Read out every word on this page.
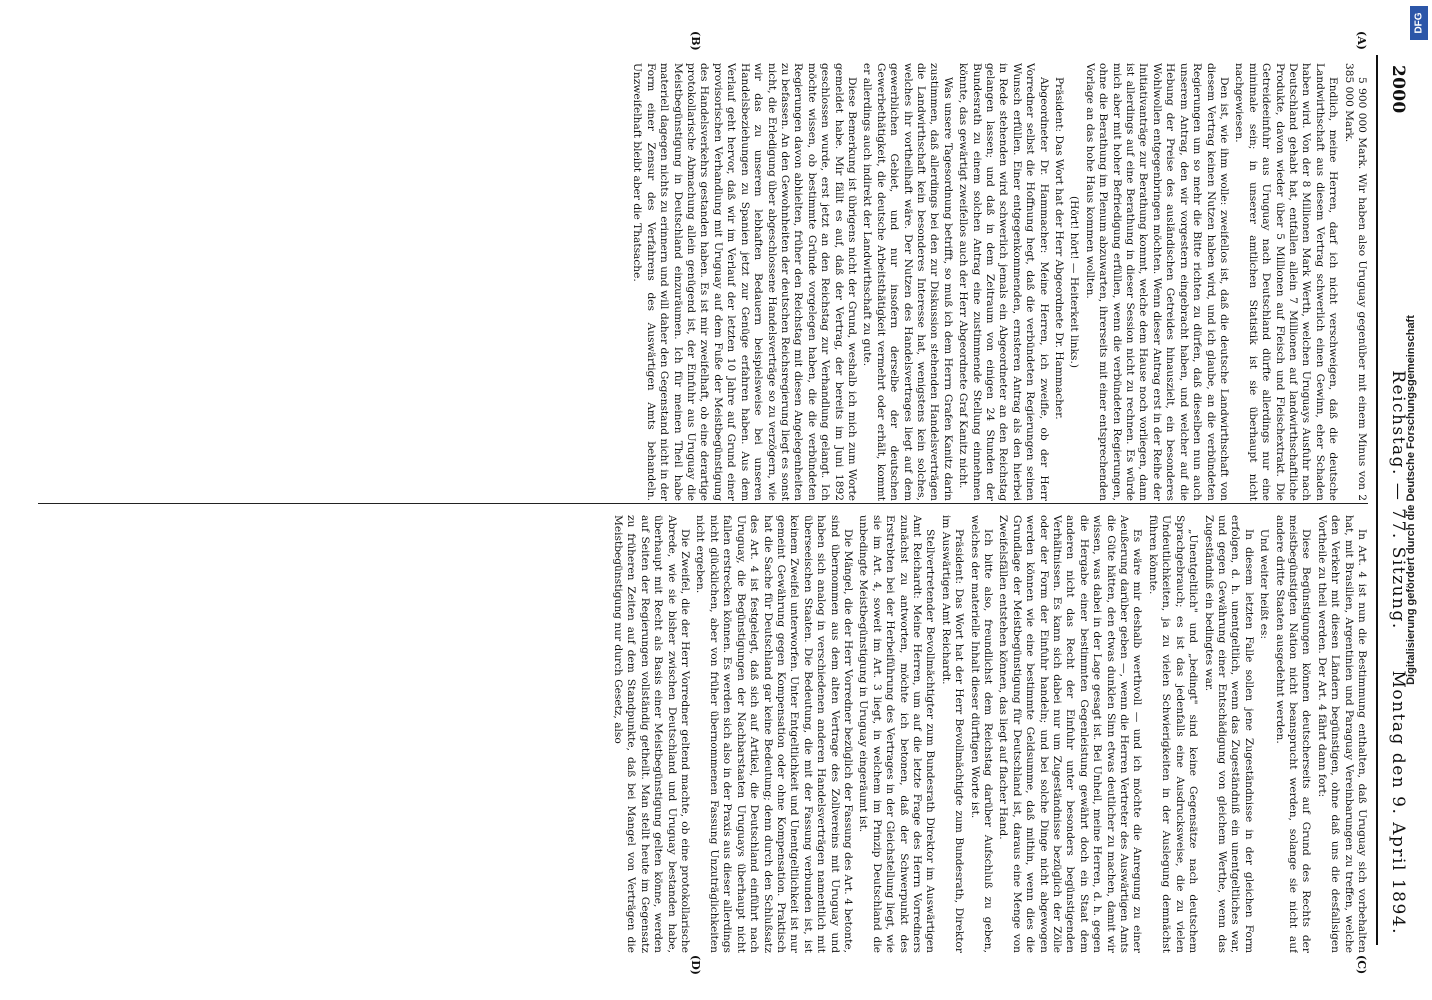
2000
Reichstag. — 77. Sitzung.
Montag den 9. April 1894.
(A)
(B)
(C)
(D)

5 900 000 Mark. Wir haben also Uruguay gegenüber mit einem Minus von 2 385 000 Mark.

Endlich, meine Herren, darf ich nicht verschweigen, daß die deutsche Landwirthschaft aus diesem Vertrag schwerlich einen Gewinn, eher Schaden haben wird. Von der 8 Millionen Mark Werth, welchen Uruguays Ausfuhr nach Deutschland gehabt hat, entfallen allein 7 Millionen auf landwirthschaftliche Produkte, davon wieder über 5 Millionen auf Fleisch und Fleischextrakt. Die Getreideeinfuhr aus Uruguay nach Deutschland dürfte allerdings nur eine minimale sein; in unserer amtlichen Statistik ist sie überhaupt nicht nachgewiesen.

Den ist, wie ihm wolle: zweifellos ist, daß die deutsche Landwirthschaft von diesem Vertrag keinen Nutzen haben wird, und ich glaube, an die verbündeten Regierungen um so mehr die Bitte richten zu dürfen, daß dieselben nun auch unserem Antrag, den wir vorgestern eingebracht haben, und welcher auf die Hebung der Preise des ausländischen Getreides hinauszielt, ein besonderes Wohlwollen entgegenbringen möchten. Wenn dieser Antrag erst in der Reihe der Initiativanträge zur Berathung kommt, welche dem Hause noch vorliegen, dann ist allerdings auf eine Berathung in dieser Session nicht zu rechnen. Es würde mich aber mit hoher Befriedigung erfüllen, wenn die verbündeten Regierungen, ohne die Berathung im Plenum abzuwarten, ihrerseits mit einer entsprechenden Vorlage an das hohe Haus kommen wollten.

(Hört! hört! — Heiterkeit links.)

Präsident: Das Wort hat der Herr Abgeordnete Dr. Hammacher.

Abgeordneter Dr. Hammacher: Meine Herren, ich zweifle, ob der Herr Vorredner selbst die Hoffnung hegt, daß die verbündeten Regierungen seinen Wunsch erfüllen. Einer entgegenkommenden, ernsteren Antrag als den hierbei in Rede stehenden wird schwerlich jemals ein Abgeordneter an den Reichstag gelangen lassen; und daß in dem Zeitraum von einigen 24 Stunden der Bundesrath zu einem solchen Antrag eine zustimmende Stellung einnehmen könnte, das gewärtigt zweifellos auch der Herr Abgeordnete Graf Kanitz nicht.

Was unsere Tagesordnung betrifft, so muß ich dem Herrn Grafen Kanitz darin zustimmen, daß allerdings bei den zur Diskussion stehenden Handelsverträgen die Landwirthschaft kein besonderes Interesse hat, wenigstens kein solches, welches ihr vortheilhaft wäre. Der Nutzen des Handelsvertrages liegt auf dem gewerblichen Gebiet, und nur insofern derselbe der deutschen Gewerbethätigkeit, die deutsche Arbeitsthätigkeit vermehrt oder erhält, kommt er allerdings auch indirekt der Landwirthschaft zu gute.

Diese Bemerkung ist übrigens nicht der Grund, weshalb ich mich zum Worte gemeldet habe. Mir fällt es auf, daß der Vertrag, der bereits im Juni 1892 geschlossen wurde, erst jetzt an den Reichstag zur Verhandlung gelangt. Ich möchte wissen, ob bestimmte Gründe vorgelegen haben, die die verbündeten Regierungen davon abhielten, früher den Reichstag mit diesen Angelegenheiten zu befassen. An den Gewohnheiten der deutschen Reichsregierung liegt es sonst nicht, die Erledigung über abgeschlossene Handelsverträge so zu verzögern, wie wir das zu unserem lebhaften Bedauern beispielsweise bei unseren Handelsbeziehungen zu Spanien jetzt zur Genüge erfahren haben. Aus dem Verlauf geht hervor, daß wir im Verlauf der letzten 10 Jahre auf Grund einer provisorischen Verhandlung mit Uruguay auf dem Fuße der Meistbegünstigung des Handelsverkehrs gestanden haben. Es ist mir zweifelhaft, ob eine derartige protokollarische Abmachung allein genügend ist, der Einfuhr aus Uruguay die Meistbegünstigung in Deutschland einzuräumen. Ich für meinen Theil habe materiell dagegen nichts zu erinnern und will daher den Gegenstand nicht in der Form einer Zensur des Verfahrens des Auswärtigen Amts behandeln. Unzweifelhaft bleibt aber die Thatsache.

In Art. 4 ist nun die Bestimmung enthalten, daß Uruguay sich vorbehalten hat, mit Brasilien, Argentinien und Paraguay Vereinbarungen zu treffen, welche den Verkehr mit diesen Ländern begünstigen, ohne daß uns die desfallsigen Vortheile zu theil werden. Der Art. 4 fährt dann fort:

Diese Begünstigungen können deutscherseits auf Grund des Rechts der meistbegünstigten Nation nicht beansprucht werden, solange sie nicht auf andere dritte Staaten ausgedehnt werden.

Und weiter heißt es:

In diesem letzten Falle sollen jene Zugeständnisse in der gleichen Form erfolgen, d. h. unentgeltlich, wenn das Zugeständniß ein unentgeltliches war, und gegen Gewährung einer Entschädigung von gleichem Werthe, wenn das Zugeständniß ein bedingtes war.

„Unentgeltlich" und „bedingt" sind keine Gegensätze nach deutschem Sprachgebrauch; es ist das jedenfalls eine Ausdrucksweise, die zu vielen Undeutlichkeiten, ja zu vielen Schwierigkeiten in der Auslegung demnächst führen könnte.

Es wäre mir deshalb werthvoll — und ich möchte die Anregung zu einer Aeußerung darüber geben —, wenn die Herren Vertreter des Auswärtigen Amts die Güte hätten, den etwas dunklen Sinn etwas deutlicher zu machen, damit wir wissen, was dabei in der Lage gesagt ist. Bei Unheil, meine Herren, d. h. gegen die Hergabe einer bestimmten Gegenleistung gewährt doch ein Staat dem anderen nicht das Recht der Einfuhr unter besonders begünstigenden Verhältnissen. Es kann sich dabei nur um Zugeständnisse bezüglich der Zölle oder der Form der Einfuhr handeln; und bei solche Dinge nicht abgewogen werden können wie eine bestimmte Geldsumme, daß mithin, wenn dies die Grundlage der Meistbegünstigung für Deutschland ist, daraus eine Menge von Zweifelsfällen entstehen können, das liegt auf flacher Hand.

Ich bitte also, freundlichst dem Reichstag darüber Aufschluß zu geben, welches der materielle Inhalt dieser dürftigen Worte ist.

Präsident: Das Wort hat der Herr Bevollmächtigte zum Bundesrath, Direktor im Auswärtigen Amt Reichardt.

Stellvertretender Bevollmächtigter zum Bundesrath Direktor im Auswärtigen Amt Reichardt: Meine Herren, um auf die letzte Frage des Herrn Vorredners zunächst zu antworten, möchte ich betonen, daß der Schwerpunkt des Erstrebten bei der Herbeiführung des Vertrages in der Gleichstellung liegt, wie sie im Art. 4, soweit im Art. 3 liegt, in welchem im Prinzip Deutschland die unbedingte Meistbegünstigung in Uruguay eingeräumt ist.

Die Mängel, die der Herr Vorredner bezüglich der Fassung des Art. 4 betonte, sind übernommen aus dem alten Vertrage des Zollvereins mit Uruguay und haben sich analog in verschiedenen anderen Handelsverträgen namentlich mit überseeischen Staaten. Die Bedeutung, die mit der Fassung verbunden ist, ist keinem Zweifel unterworfen. Unter Entgeltlichkeit und Unentgeltlichkeit ist nur gemeint Gewährung gegen Kompensation oder ohne Kompensation. Praktisch hat die Sache für Deutschland gar keine Bedeutung; denn durch den Schlußsatz des Art. 4 ist festgelegt, daß sich auf Artikel, die Deutschland einführt nach Uruguay, die Begünstigungen der Nachbarstaaten Uruguays überhaupt nicht fallen erstrecken können. Es werden sich also in der Praxis aus dieser allerdings nicht glücklichen, aber von früher übernommenen Fassung Unzuträglichkeiten nicht ergeben.

Die Zweifel, die der Herr Vorredner geltend machte, ob eine protokollarische Abrede, wie sie bisher zwischen Deutschland und Uruguay bestanden habe, überhaupt mit Recht als Basis einer Meistbegünstigung gelten könne, werden auf Seiten der Regierungen vollständig getheilt. Man stellt heute im Gegensatz zu früheren Zeiten auf dem Standpunkte, daß bei Mangel von Verträgen die Meistbegünstigung nur durch Gesetz, also	Digitalisierung gefördert durch die Deutsche Forschungsgemeinschaft
DFG
